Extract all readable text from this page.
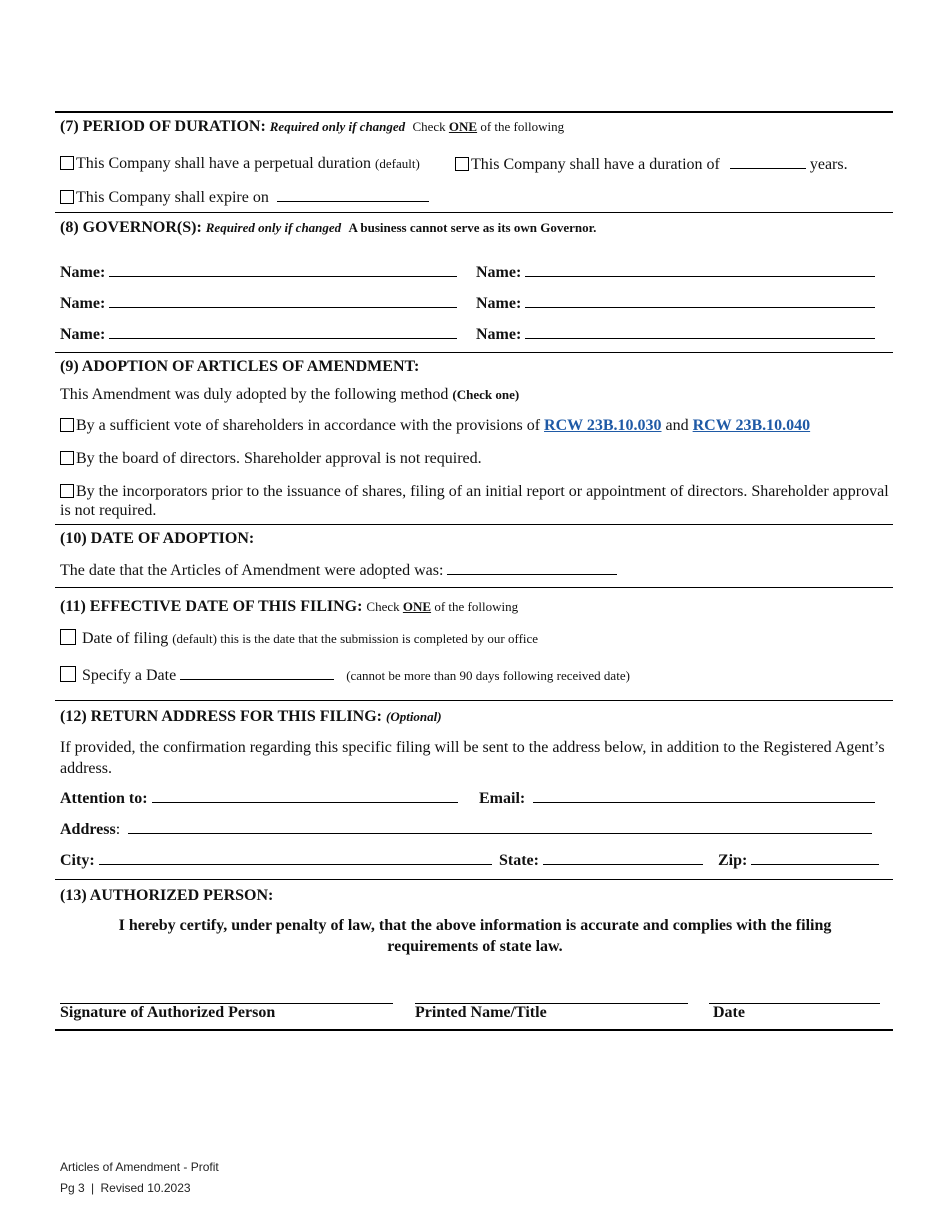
(7) PERIOD OF DURATION: Required only if changed Check ONE of the following
This Company shall have a perpetual duration (default)	This Company shall have a duration of	years.
This Company shall expire on
(8) GOVERNOR(S): Required only if changed A business cannot serve as its own Governor.
Name:	Name:
Name:	Name:
Name:	Name:
(9) ADOPTION OF ARTICLES OF AMENDMENT:
This Amendment was duly adopted by the following method (Check one)
By a sufficient vote of shareholders in accordance with the provisions of RCW 23B.10.030 and RCW 23B.10.040
By the board of directors. Shareholder approval is not required.
By the incorporators prior to the issuance of shares, filing of an initial report or appointment of directors. Shareholder approval is not required.
(10) DATE OF ADOPTION:
The date that the Articles of Amendment were adopted was:
(11) EFFECTIVE DATE OF THIS FILING: Check ONE of the following
Date of filing (default) this is the date that the submission is completed by our office
Specify a Date	(cannot be more than 90 days following received date)
(12) RETURN ADDRESS FOR THIS FILING: (Optional)
If provided, the confirmation regarding this specific filing will be sent to the address below, in addition to the Registered Agent’s address.
Attention to:	Email:
Address:
City:	State:	Zip:
(13) AUTHORIZED PERSON:
I hereby certify, under penalty of law, that the above information is accurate and complies with the filing requirements of state law.
Signature of Authorized Person	Printed Name/Title	Date
Articles of Amendment - Profit
Pg 3 | Revised 10.2023
